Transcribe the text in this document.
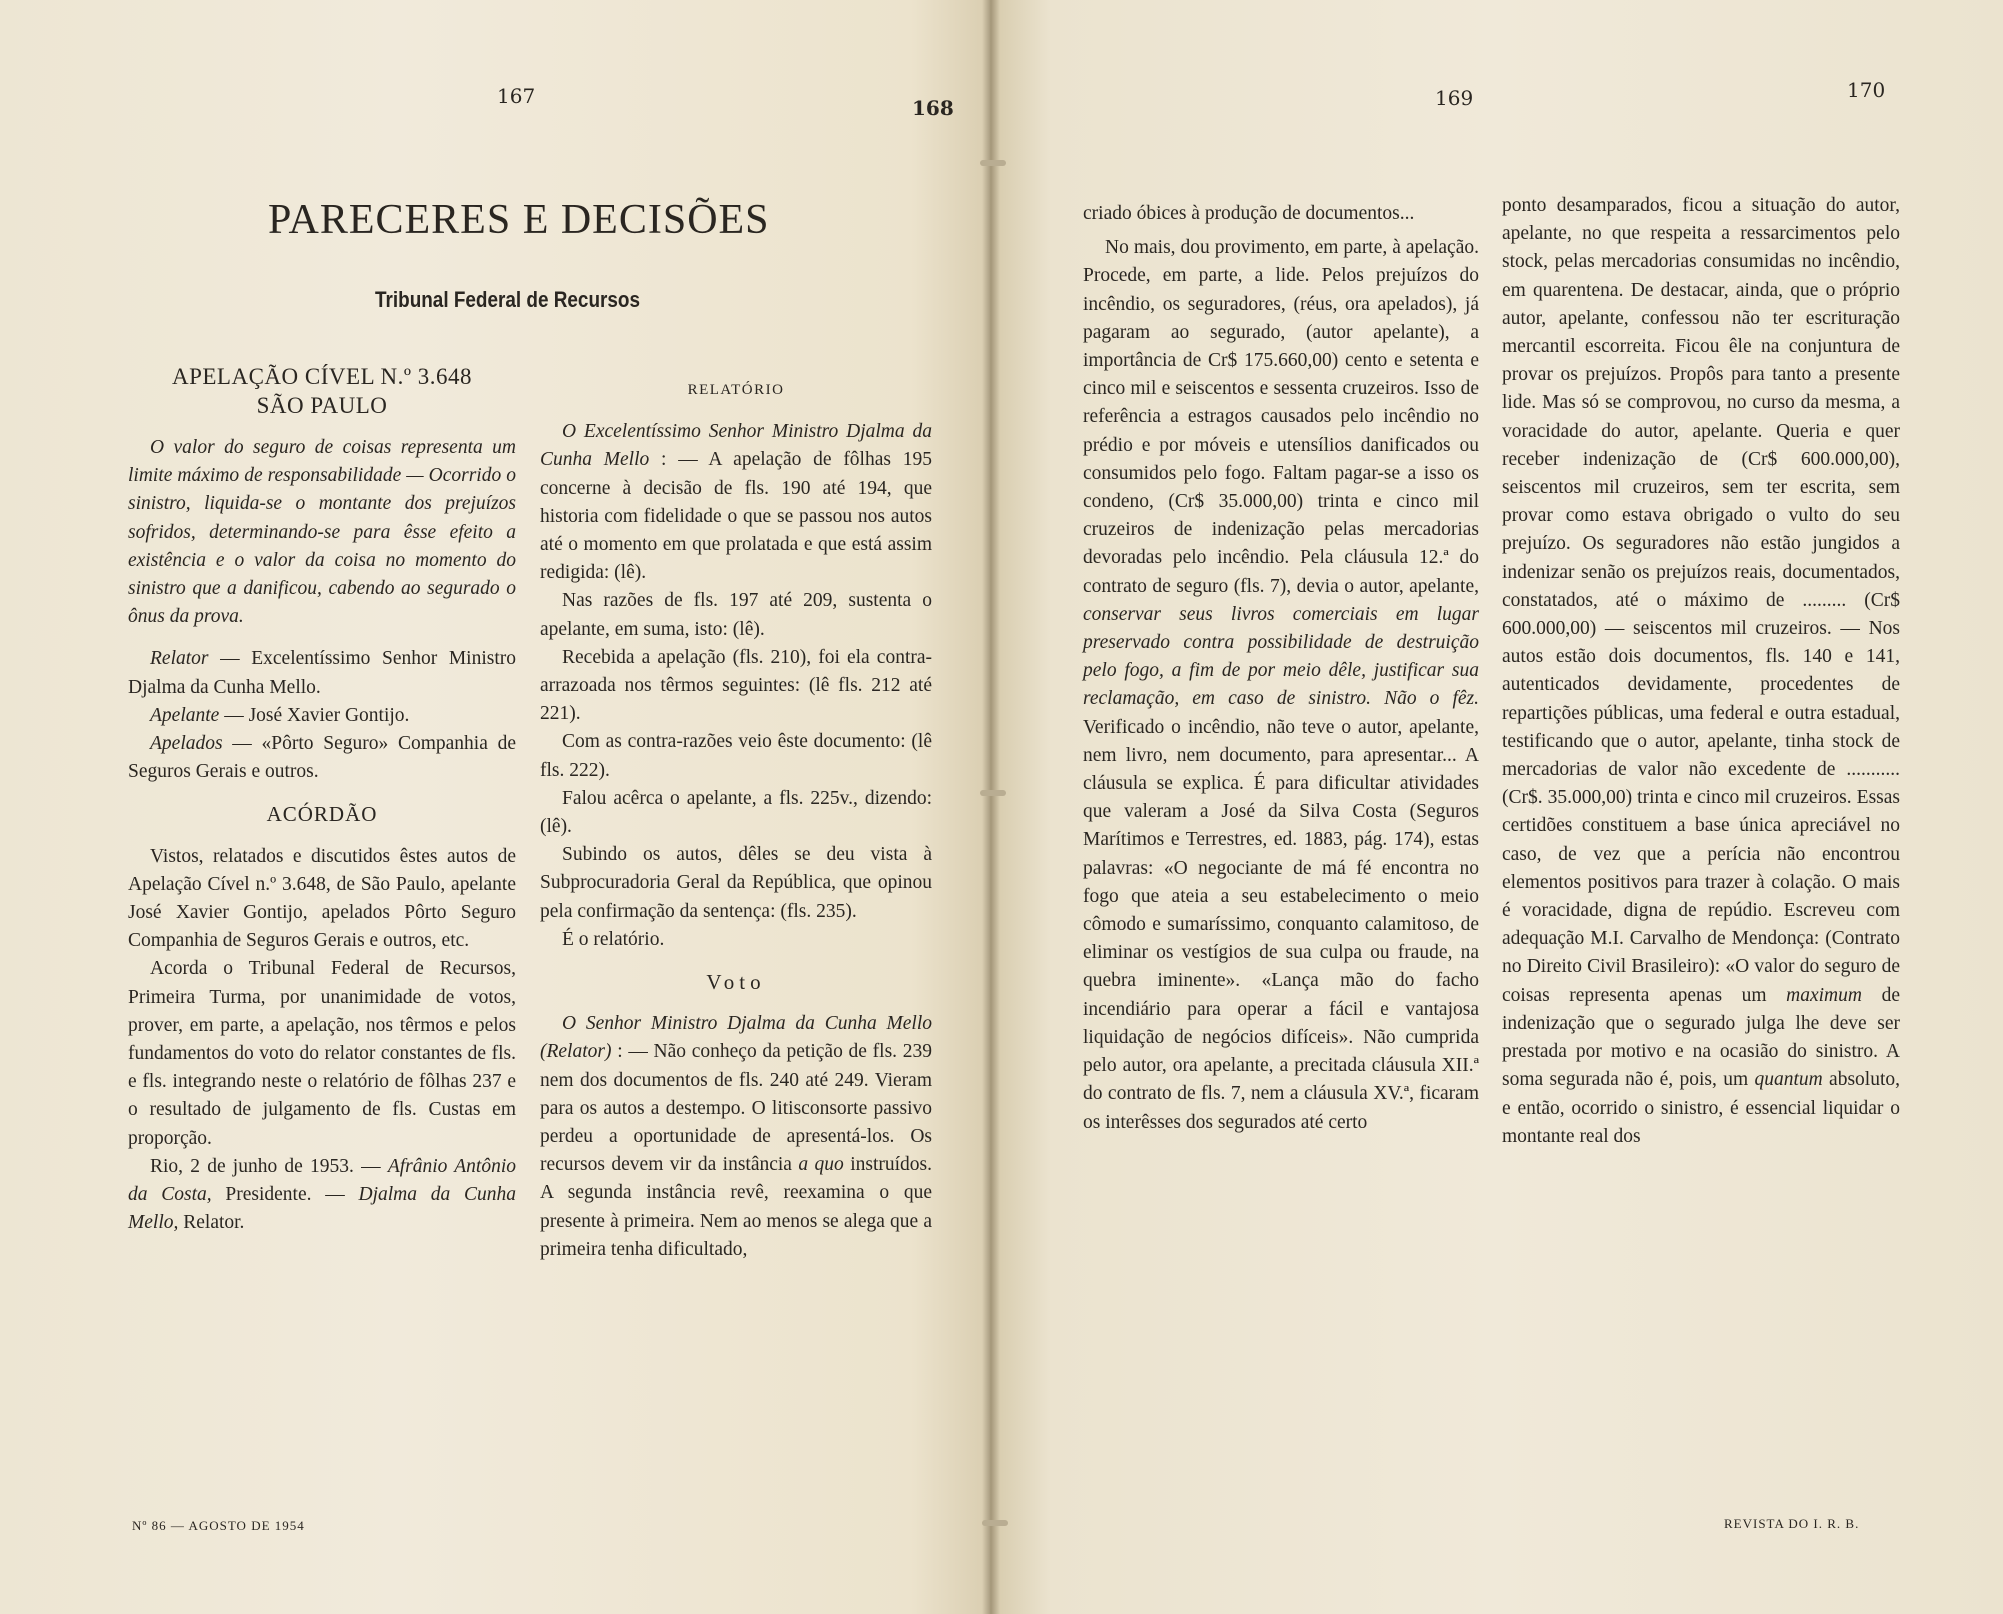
167	168	169	170
PARECERES E DECISÕES
Tribunal Federal de Recursos

APELAÇÃO CÍVEL N.º 3.648

SÃO PAULO

O valor do seguro de coisas representa um limite máximo de responsabilidade — Ocorrido o sinistro, liquida-se o montante dos prejuízos sofridos, determinando-se para êsse efeito a existência e o valor da coisa no momento do sinistro que a danificou, cabendo ao segurado o ônus da prova.

Relator — Excelentíssimo Senhor Ministro Djalma da Cunha Mello.

Apelante — José Xavier Gontijo.

Apelados — «Pôrto Seguro» Companhia de Seguros Gerais e outros.

ACÓRDÃO

Vistos, relatados e discutidos êstes autos de Apelação Cível n.º 3.648, de São Paulo, apelante José Xavier Gontijo, apelados Pôrto Seguro Companhia de Seguros Gerais e outros, etc.

Acorda o Tribunal Federal de Recursos, Primeira Turma, por unanimidade de votos, prover, em parte, a apelação, nos têrmos e pelos fundamentos do voto do relator constantes de fls. e fls. integrando neste o relatório de fôlhas 237 e o resultado de julgamento de fls. Custas em proporção.

Rio, 2 de junho de 1953. — Afrânio Antônio da Costa, Presidente. — Djalma da Cunha Mello, Relator.

RELATÓRIO

O Excelentíssimo Senhor Ministro Djalma da Cunha Mello : — A apelação de fôlhas 195 concerne à decisão de fls. 190 até 194, que historia com fidelidade o que se passou nos autos até o momento em que prolatada e que está assim redigida: (lê).

Nas razões de fls. 197 até 209, sustenta o apelante, em suma, isto: (lê).

Recebida a apelação (fls. 210), foi ela contra-arrazoada nos têrmos seguintes: (lê fls. 212 até 221).

Com as contra-razões veio êste documento: (lê fls. 222).

Falou acêrca o apelante, a fls. 225v., dizendo: (lê).

Subindo os autos, dêles se deu vista à Subprocuradoria Geral da República, que opinou pela confirmação da sentença: (fls. 235).

É o relatório.

Voto

O Senhor Ministro Djalma da Cunha Mello (Relator) : — Não conheço da petição de fls. 239 nem dos documentos de fls. 240 até 249. Vieram para os autos a destempo. O litisconsorte passivo perdeu a oportunidade de apresentá-los. Os recursos devem vir da instância a quo instruídos. A segunda instância revê, reexamina o que presente à primeira. Nem ao menos se alega que a primeira tenha dificultado,

criado óbices à produção de documentos...

No mais, dou provimento, em parte, à apelação. Procede, em parte, a lide. Pelos prejuízos do incêndio, os seguradores, (réus, ora apelados), já pagaram ao segurado, (autor apelante), a importância de Cr$ 175.660,00) cento e setenta e cinco mil e seiscentos e sessenta cruzeiros. Isso de referência a estragos causados pelo incêndio no prédio e por móveis e utensílios danificados ou consumidos pelo fogo. Faltam pagar-se a isso os condeno, (Cr$ 35.000,00) trinta e cinco mil cruzeiros de indenização pelas mercadorias devoradas pelo incêndio. Pela cláusula 12.ª do contrato de seguro (fls. 7), devia o autor, apelante, conservar seus livros comerciais em lugar preservado contra possibilidade de destruição pelo fogo, a fim de por meio dêle, justificar sua reclamação, em caso de sinistro. Não o fêz. Verificado o incêndio, não teve o autor, apelante, nem livro, nem documento, para apresentar... A cláusula se explica. É para dificultar atividades que valeram a José da Silva Costa (Seguros Marítimos e Terrestres, ed. 1883, pág. 174), estas palavras: «O negociante de má fé encontra no fogo que ateia a seu estabelecimento o meio cômodo e sumaríssimo, conquanto calamitoso, de eliminar os vestígios de sua culpa ou fraude, na quebra iminente». «Lança mão do facho incendiário para operar a fácil e vantajosa liquidação de negócios difíceis». Não cumprida pelo autor, ora apelante, a precitada cláusula XII.ª do contrato de fls. 7, nem a cláusula XV.ª, ficaram os interêsses dos segurados até certo

ponto desamparados, ficou a situação do autor, apelante, no que respeita a ressarcimentos pelo stock, pelas mercadorias consumidas no incêndio, em quarentena. De destacar, ainda, que o próprio autor, apelante, confessou não ter escrituração mercantil escorreita. Ficou êle na conjuntura de provar os prejuízos. Propôs para tanto a presente lide. Mas só se comprovou, no curso da mesma, a voracidade do autor, apelante. Queria e quer receber indenização de (Cr$ 600.000,00), seiscentos mil cruzeiros, sem ter escrita, sem provar como estava obrigado o vulto do seu prejuízo. Os seguradores não estão jungidos a indenizar senão os prejuízos reais, documentados, constatados, até o máximo de ......... (Cr$ 600.000,00) — seiscentos mil cruzeiros. — Nos autos estão dois documentos, fls. 140 e 141, autenticados devidamente, procedentes de repartições públicas, uma federal e outra estadual, testificando que o autor, apelante, tinha stock de mercadorias de valor não excedente de ........... (Cr$. 35.000,00) trinta e cinco mil cruzeiros. Essas certidões constituem a base única apreciável no caso, de vez que a perícia não encontrou elementos positivos para trazer à colação. O mais é voracidade, digna de repúdio. Escreveu com adequação M.I. Carvalho de Mendonça: (Contrato no Direito Civil Brasileiro): «O valor do seguro de coisas representa apenas um maximum de indenização que o segurado julga lhe deve ser prestada por motivo e na ocasião do sinistro. A soma segurada não é, pois, um quantum absoluto, e então, ocorrido o sinistro, é essencial liquidar o montante real dos

Nº 86 — AGOSTO DE 1954	REVISTA DO I. R. B.
